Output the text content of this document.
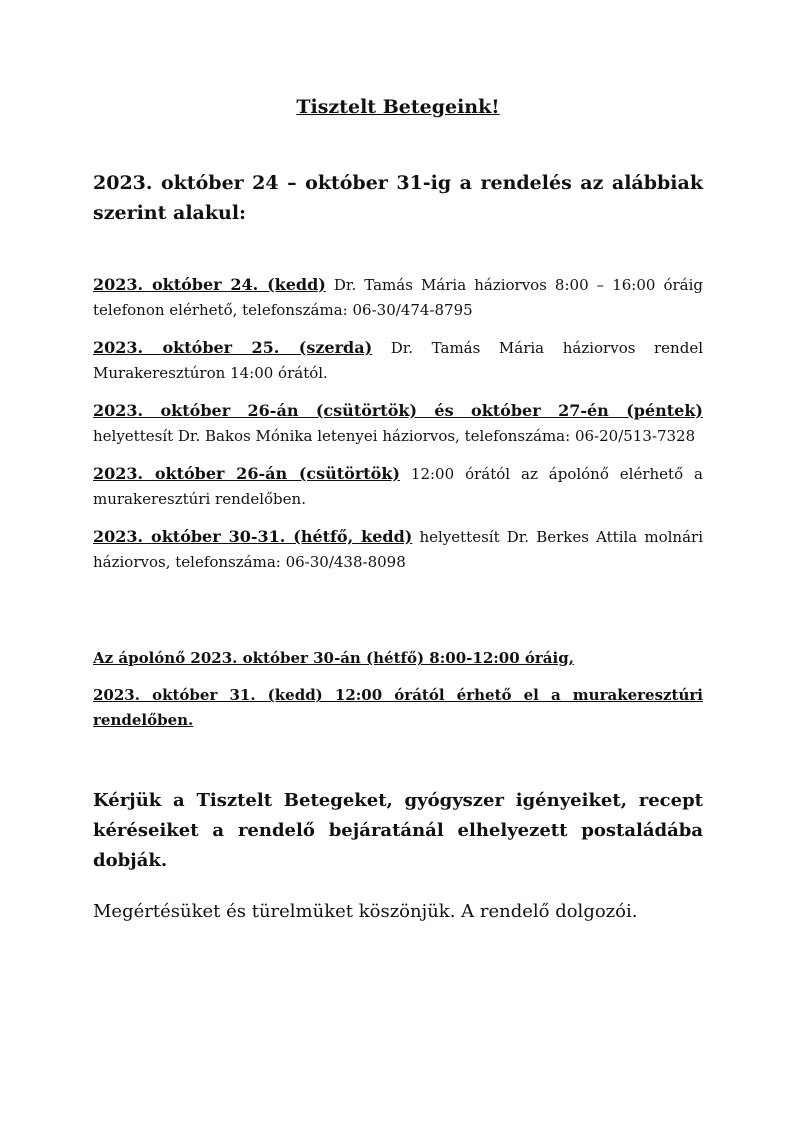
Tisztelt Betegeink!

2023. október 24 – október 31-ig a rendelés az alábbiak szerint alakul:

2023. október 24. (kedd) Dr. Tamás Mária háziorvos 8:00 – 16:00 óráig telefonon elérhető, telefonszáma: 06-30/474-8795

2023. október 25. (szerda) Dr. Tamás Mária háziorvos rendel Murakeresztúron 14:00 órától.

2023. október 26-án (csütörtök) és október 27-én (péntek) helyettesít Dr. Bakos Mónika letenyei háziorvos, telefonszáma: 06-20/513-7328

2023. október 26-án (csütörtök) 12:00 órától az ápolónő elérhető a murakeresztúri rendelőben.

2023. október 30-31. (hétfő, kedd) helyettesít Dr. Berkes Attila molnári háziorvos, telefonszáma: 06-30/438-8098

Az ápolónő 2023. október 30-án (hétfő) 8:00-12:00 óráig,

2023. október 31. (kedd) 12:00 órától érhető el a murakeresztúri rendelőben.

Kérjük a Tisztelt Betegeket, gyógyszer igényeiket, recept kéréseiket a rendelő bejáratánál elhelyezett postaládába dobják.

Megértésüket és türelmüket köszönjük. A rendelő dolgozói.
